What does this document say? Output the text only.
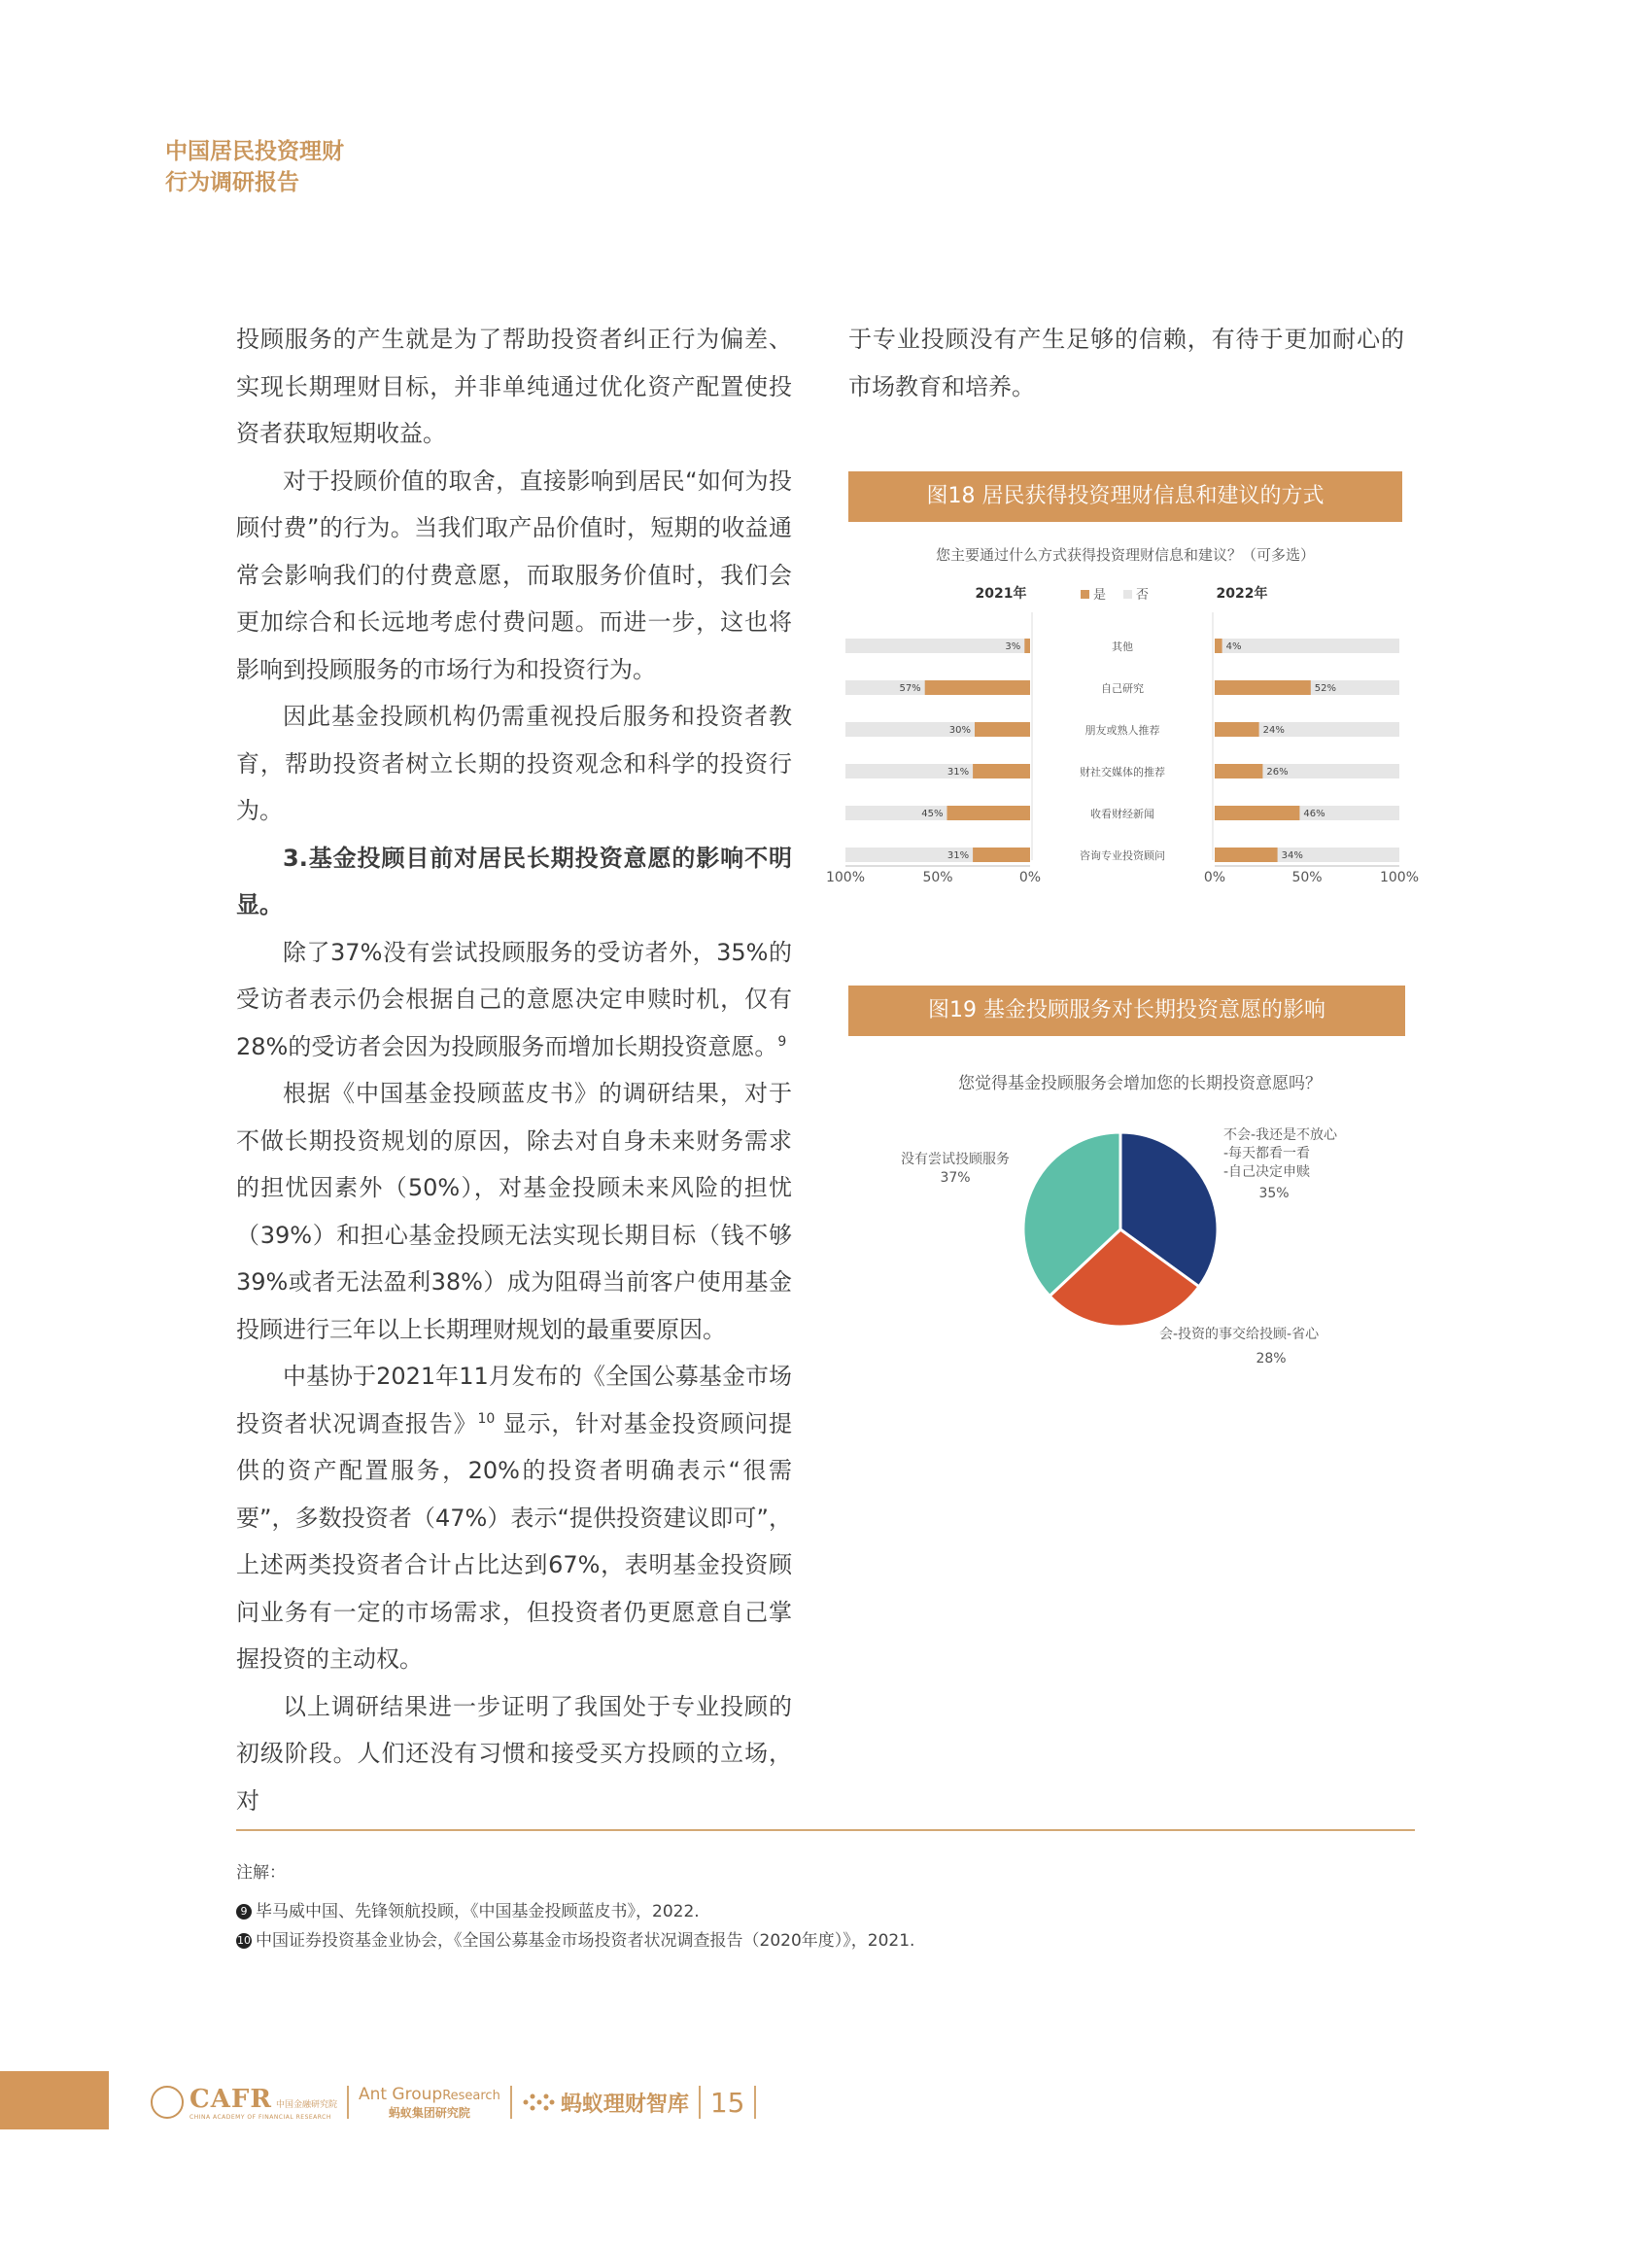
中国居民投资理财
行为调研报告

投顾服务的产生就是为了帮助投资者纠正行为偏差、实现长期理财目标，并非单纯通过优化资产配置使投资者获取短期收益。

对于投顾价值的取舍，直接影响到居民“如何为投顾付费”的行为。当我们取产品价值时，短期的收益通常会影响我们的付费意愿，而取服务价值时，我们会更加综合和长远地考虑付费问题。而进一步，这也将影响到投顾服务的市场行为和投资行为。

因此基金投顾机构仍需重视投后服务和投资者教育，帮助投资者树立长期的投资观念和科学的投资行为。

3.基金投顾目前对居民长期投资意愿的影响不明显。

除了37%没有尝试投顾服务的受访者外，35%的受访者表示仍会根据自己的意愿决定申赎时机，仅有28%的受访者会因为投顾服务而增加长期投资意愿。$^9$

根据《中国基金投顾蓝皮书》的调研结果，对于不做长期投资规划的原因，除去对自身未来财务需求的担忧因素外（50%），对基金投顾未来风险的担忧（39%）和担心基金投顾无法实现长期目标（钱不够39%或者无法盈利38%）成为阻碍当前客户使用基金投顾进行三年以上长期理财规划的最重要原因。

中基协于2021年11月发布的《全国公募基金市场投资者状况调查报告》$^{10}$ 显示，针对基金投资顾问提供的资产配置服务，20%的投资者明确表示“很需要”，多数投资者（47%）表示“提供投资建议即可”，上述两类投资者合计占比达到67%，表明基金投资顾问业务有一定的市场需求，但投资者仍更愿意自己掌握投资的主动权。

以上调研结果进一步证明了我国处于专业投顾的初级阶段。人们还没有习惯和接受买方投顾的立场，对

于专业投顾没有产生足够的信赖，有待于更加耐心的市场教育和培养。

图18 居民获得投资理财信息和建议的方式
您主要通过什么方式获得投资理财信息和建议？（可多选）
2021年	2022年
是 否
3%	4%
其他
57%	52%
自己研究
30%	24%
朋友或熟人推荐
31%	26%
财社交媒体的推荐
45%	46%
收看财经新闻
31%	34%
咨询专业投资顾问
100%	50%	0%	0%	50%	100%
图19 基金投顾服务对长期投资意愿的影响
您觉得基金投顾服务会增加您的长期投资意愿吗？
不会-我还是不放心
-每天都看一看
-自己决定申赎
35%
没有尝试投顾服务
37%
会-投资的事交给投顾-省心
28%
注解：
9 毕马威中国、先锋领航投顾，《中国基金投顾蓝皮书》，2022.
10 中国证券投资基金业协会，《全国公募基金市场投资者状况调查报告（2020年度）》，2021.
CAFR 中国金融研究院
CHINA ACADEMY OF FINANCIAL RESEARCH
Ant GroupResearch
蚂蚁集团研究院	蚂蚁理财智库 15
